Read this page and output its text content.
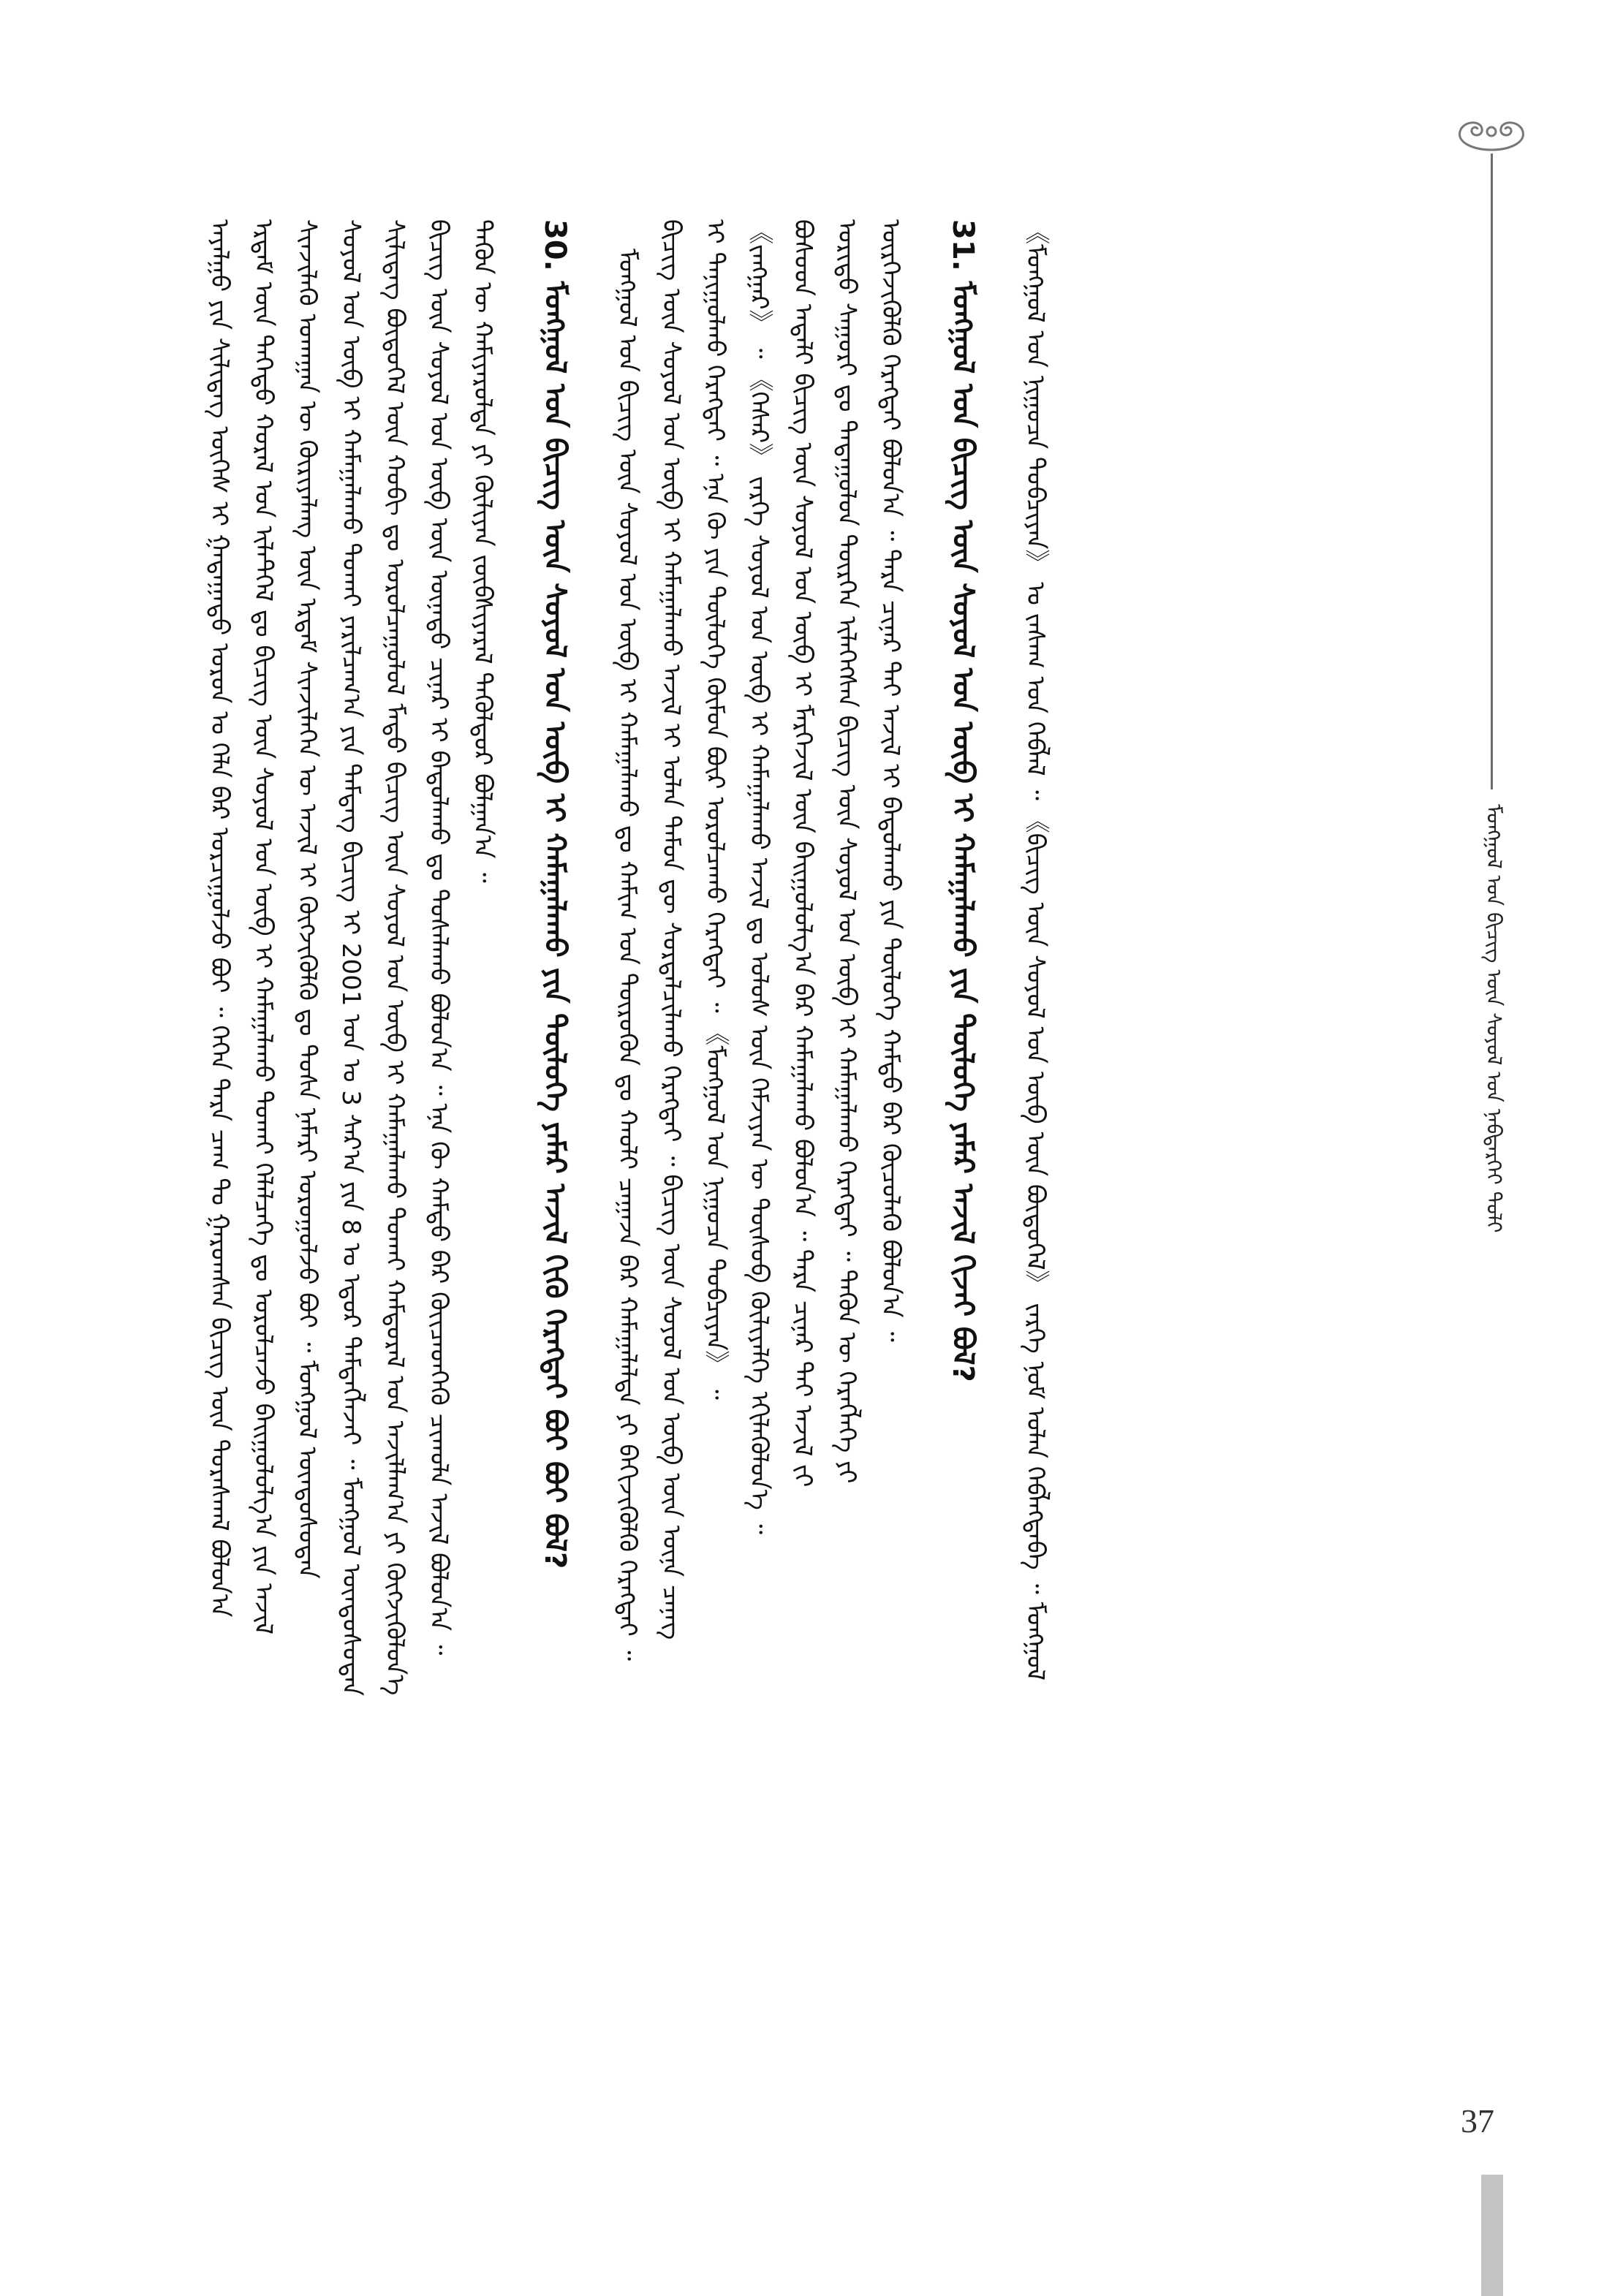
ᠮᠣᠩᠭᠣᠯ ᠤᠨ ᠪᠢᠴᠢᠭ ᠦᠨ ᠰᠣᠶᠣᠯ ᠤᠨ ᠨᠡᠪᠲᠡᠷᠬᠡᠢ ᠲᠣᠯᠢ
ᠠᠶᠠᠯᠭᠤ ᠶᠢᠨ ᠰᠢᠯᠢᠳᠡᠭ ᠦᠭᠡᠰ ᠢ ᠭᠠᠳᠠᠭᠠᠳᠤ ᠣᠷᠣᠨ ᠤ ᠬᠡᠯᠡ ᠪᠡᠷ ᠣᠷᠴᠢᠭᠤᠯᠵᠤ ᠪᠣᠢ ᠃ ᠭᠡᠭᠡᠨ ᠲᠡᠷᠡ ᠴᠠᠭ ᠲᠤ ᠭᠠᠷᠤᠭᠰᠠᠨ ᠪᠢᠴᠢᠭ᠌ ᠦᠨ ᠳᠤᠷᠠᠰᠬᠠᠯ ᠪᠣᠯᠤᠨ᠎ᠠ ᠡᠷᠳᠡᠮ ᠦᠨ ᠳᠡᠭᠡᠳᠦ ᠬᠤᠷᠠᠯ ᠤᠨ ᠢᠯᠡᠲᠭᠡᠯ ᠳᠤ ᠪᠢᠴᠢᠭ᠌ ᠦᠨ ᠰᠣᠶᠣᠯ ᠤᠨ ᠥᠪ ᠢ ᠬᠠᠮᠠᠭᠠᠯᠠᠬᠤ ᠲᠤᠬᠠᠢ ᠬᠡᠯᠡᠯᠴᠡᠭᠡ ᠳᠤ ᠣᠷᠣᠯᠴᠠᠵᠤ ᠪᠠᠢᠭᠤᠯᠤᠯᠭ᠎ᠠ ᠶᠢᠨ ᠠᠵᠢᠯ ᠰᠢᠨᠵᠢᠯᠡᠬᠦ ᠤᠬᠠᠭᠠᠨ ᠦ ᠬᠦᠷᠢᠶᠡᠯᠡᠩ ᠦᠨ ᠡᠷᠳᠡᠮ ᠰᠢᠨᠵᠢᠯᠡᠭᠡᠨ ᠦ ᠠᠵᠢᠯ ᠢ ᠬᠥᠭᠵᠢᠭᠦᠯᠬᠦ ᠳᠤ ᠲᠤᠰᠠ ᠨᠡᠮᠡᠷᠢ ᠣᠷᠤᠭᠤᠯᠵᠤ ᠪᠣᠢ ᠃ ᠮᠣᠩᠭᠣᠯ ᠦᠨᠳᠦᠰᠦᠲᠡᠨ ᠰᠣᠶᠣᠯ ᠤᠨ ᠥᠪ ᠢ ᠬᠠᠮᠠᠭᠠᠯᠠᠬᠤ ᠲᠤᠬᠠᠢ ᠶᠠᠷᠢᠯᠴᠠᠭ᠎ᠠ ᠶᠢᠨ ᠲᠡᠮᠳᠡᠭ ᠪᠢᠴᠢᠭ᠌ ᠢ 2001 ᠣᠨ ᠤ 3 ᠰᠠᠷ᠎ᠠ ᠶᠢᠨ 8 ᠤ ᠡᠳᠦᠷ ᠲᠡᠮᠳᠡᠭᠯᠡᠵᠡᠢ ᠃ ᠮᠣᠩᠭᠣᠯ ᠦᠨᠳᠦᠰᠦᠲᠡᠨ ᠰᠢᠯᠢᠳᠡᠭ ᠪᠦᠲᠦᠭᠡᠯ ᠦᠨ ᠬᠣᠪᠢ ᠳᠤ ᠣᠷᠣᠯᠴᠠᠭᠤᠯᠤᠯ ᠮᠡᠲᠦ ᠪᠢᠴᠢᠭ᠌ ᠦᠨ ᠰᠣᠶᠣᠯ ᠤᠨ ᠥᠪ ᠢ ᠬᠠᠮᠠᠭᠠᠯᠠᠬᠤ ᠲᠤᠬᠠᠢ ᠬᠠᠮᠲᠤᠷᠠᠯ ᠤᠨ ᠠᠵᠢᠯᠯᠠᠭ᠎ᠠ ᠶᠢ ᠬᠥᠭᠵᠢᠭᠦᠯᠦᠨ᠎ᠡ ᠪᠢᠴᠢᠭ᠌ ᠦᠨ ᠰᠣᠶᠣᠯ ᠤᠨ ᠥᠪ ᠦᠨ ᠦᠨᠡᠲᠦ ᠴᠢᠨᠠᠷ ᠢ ᠪᠠᠲᠤᠯᠠᠬᠤ ᠳᠤ ᠲᠤᠰᠠᠯᠠᠬᠤ ᠪᠣᠯᠤᠨ᠎ᠠ ᠃ ᠡᠨᠡ ᠬᠦ ᠬᠠᠮᠲᠤ ᠪᠡᠷ ᠭᠦᠢᠴᠡᠳᠬᠡᠬᠦ ᠴᠢᠬᠤᠯᠠ ᠠᠵᠢᠯ ᠪᠣᠯᠤᠨ᠎ᠠ ᠃ ᠲᠡᠭᠦᠨ ᠦ ᠬᠠᠮᠢᠶᠠᠷᠤᠯᠲᠠ ᠶᠢ ᠬᠦᠯᠢᠶᠡᠨ ᠵᠦᠪᠰᠢᠶᠡᠷᠡᠯ ᠲᠡᠭᠦᠯᠳᠦᠷ ᠪᠣᠯᠭᠠᠨ᠎ᠠ ᠃ 30. ᠮᠣᠩᠭᠣᠯ ᠤᠨ ᠪᠢᠴᠢᠭ᠌ ᠦᠨ ᠰᠣᠶᠣᠯ ᠤᠨ ᠥᠪ ᠢ ᠬᠠᠮᠠᠭᠠᠯᠠᠬᠤ ᠶᠢᠨ ᠲᠥᠯᠦᠭᠡ ᠶᠠᠮᠠᠷ ᠠᠵᠢᠯ ᠬᠢᠬᠦ ᠬᠡᠷᠡᠭᠲᠡᠢ ᠪᠤᠢ ᠪᠤᠢ ᠪᠣᠯ? ᠮᠣᠩᠭᠣᠯ ᠤᠨ ᠪᠢᠴᠢᠭ᠌ ᠦᠨ ᠰᠣᠶᠣᠯ ᠤᠨ ᠥᠪ ᠢ ᠬᠠᠮᠠᠭᠠᠯᠠᠬᠤ ᠳᠤ ᠬᠠᠮᠢᠭ ᠤᠨ ᠲᠦᠷᠦᠭᠦᠨ ᠳᠤ ᠬᠠᠤᠯᠢ ᠴᠠᠭᠠᠵᠠ ᠪᠡᠷ ᠬᠠᠮᠠᠭᠠᠯᠠᠯᠲᠠ ᠶᠢ ᠪᠡᠬᠢᠵᠢᠭᠦᠯᠬᠦ ᠬᠡᠷᠡᠭᠲᠡᠢ ᠃ ᠪᠢᠴᠢᠭ᠌ ᠦᠨ ᠰᠣᠶᠣᠯ ᠤᠨ ᠥᠪ ᠢ ᠬᠠᠮᠠᠭᠠᠯᠠᠬᠤ ᠠᠵᠢᠯ ᠢ ᠣᠯᠠᠨ ᠲᠡᠮᠦᠨ ᠳᠦ ᠰᠤᠷᠲᠠᠯᠴᠢᠯᠠᠬᠤ ᠬᠡᠷᠡᠭᠲᠡᠢ ᠃ ᠪᠢᠴᠢᠭ᠌ ᠦᠨ ᠰᠣᠶᠣᠯ ᠤᠨ ᠥᠪ ᠦᠨ ᠦᠨᠡ ᠴᠡᠨᠡᠭ ᠢ ᠲᠠᠨᠢᠭᠤᠯᠬᠤ ᠬᠡᠷᠡᠭᠲᠡᠢ ᠃ ᠡᠨᠡ ᠬᠦ ᠶᠢᠨ ᠲᠥᠯᠦᠭᠡ ᠬᠦᠮᠦᠨ ᠪᠦᠷ ᠣᠷᠣᠯᠴᠠᠬᠤ ᠬᠡᠷᠡᠭᠲᠡᠢ ᠃ 《ᠮᠣᠩᠭᠣᠯ ᠤᠨ ᠨᠢᠭᠤᠴᠠ ᠲᠣᠪᠴᠢᠶᠠᠨ》 ᠃ 《ᠵᠠᠩᠭᠠᠷ》 ᠃ 《ᠭᠡᠰᠡᠷ》 ᠵᠡᠷᠭᠡ ᠰᠣᠶᠣᠯ ᠤᠨ ᠥᠪ ᠢ ᠬᠠᠮᠠᠭᠠᠯᠠᠬᠤ ᠠᠵᠢᠯ ᠳᠤ ᠤᠯᠤᠰ ᠦᠨ ᠬᠡᠮᠵᠢᠶᠡᠨ ᠦ ᠲᠥᠰᠥᠪ ᠬᠦᠯᠢᠶᠡᠯᠭᠡ ᠡᠬᠢᠯᠡᠭᠦᠯᠦᠨ᠎ᠡ ᠃ ᠪᠤᠰᠤᠳ ᠠᠳᠠᠯᠢ ᠪᠢᠴᠢᠭ᠌ ᠦᠨ ᠰᠣᠶᠣᠯ ᠤᠨ ᠥᠪ ᠢ ᠮᠡᠷᠭᠡᠵᠢᠯ ᠦᠨ ᠪᠠᠢᠭᠤᠯᠤᠯᠭ᠎ᠠ ᠪᠡᠷ ᠬᠠᠮᠠᠭᠠᠯᠠᠬᠤ ᠪᠣᠯᠤᠨ᠎ᠠ ᠃ ᠲᠡᠷᠡ ᠴᠢᠨᠠᠷ ᠲᠠᠢ ᠠᠵᠢᠯ ᠵᠢ ᠤᠷᠢᠳᠤ ᠰᠠᠭᠤᠷᠢ ᠳᠤ ᠲᠠᠲᠠᠭᠤᠯᠤᠨ ᠲᠦᠷᠭᠡᠨ ᠢᠯᠡᠭᠡᠭᠰᠡᠨ ᠪᠢᠴᠢᠭ᠌ ᠦᠨ ᠰᠣᠶᠣᠯ ᠤᠨ ᠥᠪ ᠢ ᠬᠠᠮᠠᠭᠠᠯᠠᠬᠤ ᠬᠡᠷᠡᠭᠲᠡᠢ ᠃ ᠲᠡᠭᠦᠨ ᠦ ᠬᠡᠷᠡᠭᠯᠡᠭᠡ ᠶᠢ ᠥᠷᠭᠡᠵᠢᠭᠦᠯᠬᠦ ᠬᠡᠷᠡᠭᠲᠡᠢ ᠪᠣᠯᠤᠨ᠎ᠠ ᠃ ᠲᠡᠷᠡ ᠴᠢᠨᠠᠷ ᠲᠠᠢ ᠠᠵᠢᠯ ᠢ ᠪᠠᠲᠤᠯᠠᠬᠤ ᠶᠢᠨ ᠲᠥᠯᠦᠭᠡ ᠬᠠᠮᠲᠤ ᠪᠡᠷ ᠬᠦᠴᠦᠯᠡᠬᠦ ᠪᠣᠯᠤᠨ᠎ᠠ ᠃ 31. ᠮᠣᠩᠭᠣᠯ ᠤᠨ ᠪᠢᠴᠢᠭ᠌ ᠦᠨ ᠰᠣᠶᠣᠯ ᠤᠨ ᠥᠪ ᠢ ᠬᠠᠮᠠᠭᠠᠯᠠᠬᠤ ᠶᠢᠨ ᠲᠥᠯᠦᠭᠡ ᠶᠠᠮᠠᠷ ᠠᠵᠢᠯ ᠬᠢᠵᠡᠢ ᠪᠣᠯ? 《ᠮᠣᠩᠭᠣᠯ ᠤᠨ ᠨᠢᠭᠤᠴᠠ ᠲᠣᠪᠴᠢᠶᠠᠨ》 ᠤ ᠵᠠᠰᠠᠭ ᠤᠨ ᠬᠡᠪᠯᠡᠯ ᠃ 《ᠪᠢᠴᠢᠭ᠌ ᠦᠨ ᠰᠣᠶᠣᠯ ᠤᠨ ᠥᠪ ᠦᠨ ᠪᠦᠲᠦᠭᠡᠯ》 ᠵᠡᠷᠭᠡ ᠨᠣᠮ ᠣᠯᠠᠨ ᠬᠡᠪᠯᠡᠭᠳᠡᠪᠡ ᠃ ᠮᠣᠩᠭᠣᠯ
37
